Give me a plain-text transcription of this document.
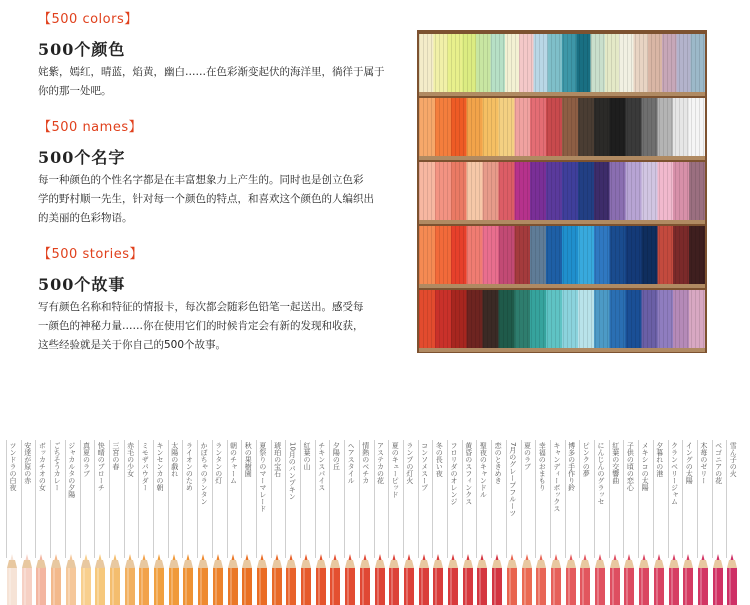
【500 colors】
500个颜色
姹紫，嫣红，晴蓝，焰黄，幽白……在色彩渐变起伏的海洋里，徜徉于属于
你的那一处吧。
【500 names】
500个名字
每一种颜色的个性名字都是在丰富想象力上产生的。同时也是创立色彩
学的野村顺一先生，针对每一个颜色的特点，和喜欢这个颜色的人编织出
的美丽的色彩物语。
【500 stories】
500个故事
写有颜色名称和特征的情报卡，每次都会随彩色铅笔一起送出。感受每
一颜色的神秘力量……你在使用它们的时候肯定会有新的发现和收获，
这些经验就是关于你自己的500个故事。
ツンドラの白夜 安達が原の赤 ボッカチオの女 ごちそうカレー ジャカルタの夕陽 真夏のラブ 快晴のブローチ 三宮の春 赤毛の少女 ミモザパウダー キンセンカの朝 太陽の戯れ ライオンのため かぼちゃのランタン ランタンの灯 朝のチャーム 秋の果樹園 夏祭りのマーマレード 琥珀の宝石 10月のパンプキン 紅葉の山 チキンスパイス 夕陽の丘 ヘアスタイル 情熱のベチカ アステカの花 夏のキューピッド ランプの灯火 コンソメスープ 冬の長い夜 フロリダのオレンジ 黄昏のスフィンクス 聖夜のキャンドル 恋のときめき 7月のグレープフルーツ 夏のラブ 幸福のおまもり キャンディーボックス 博多の手作り鈴 ピンクの夢 にんじんのグラッセ 紅葉の交響曲 子供の頃の恋心 メキシコの太陽 夕暮れの港 クランベリージャム イングの太陽 木苺のゼリー ベゴニアの花 雪ん子の火
